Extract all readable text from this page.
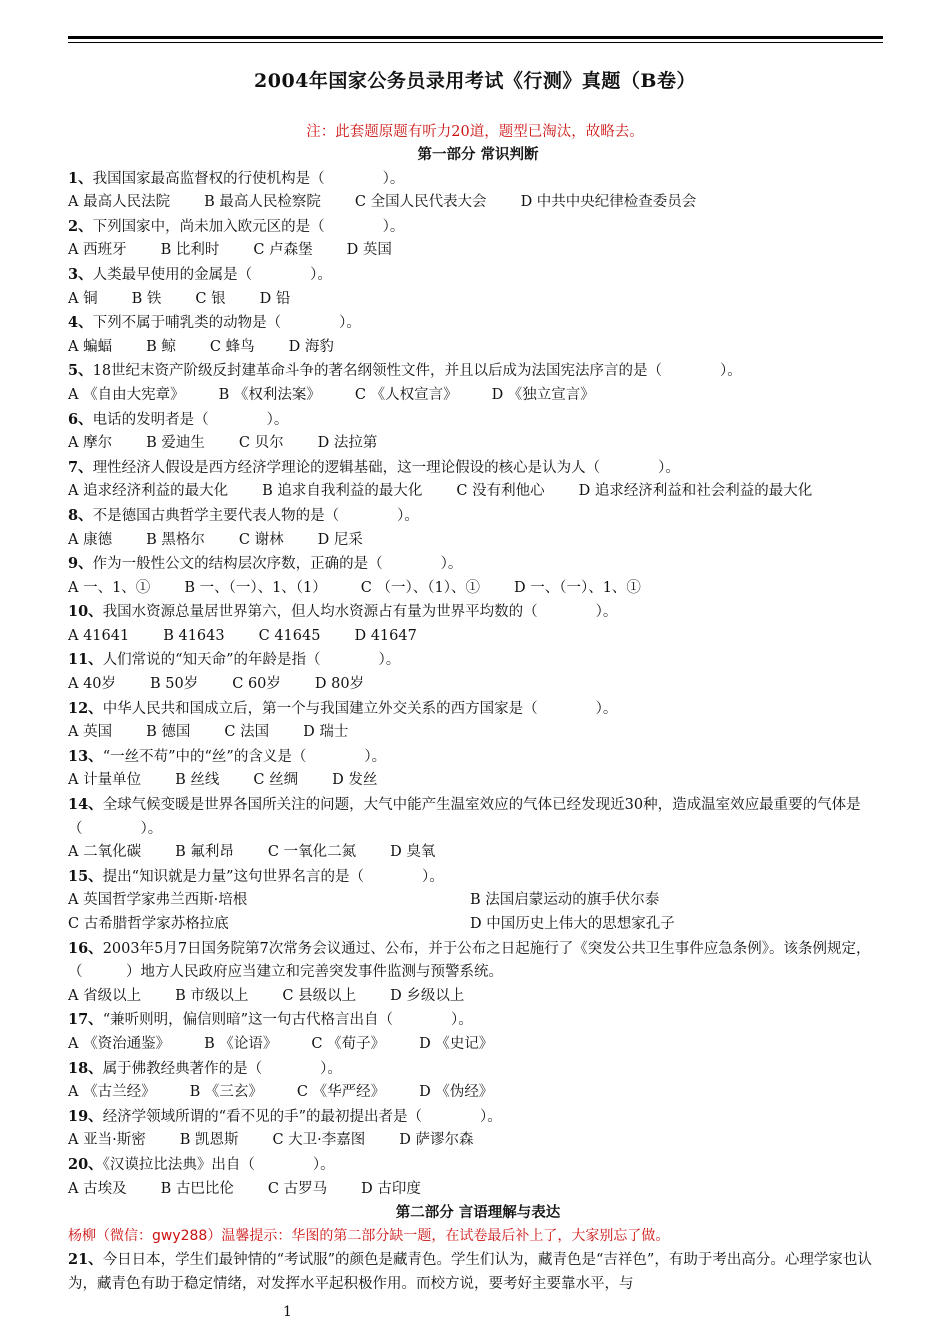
2004年国家公务员录用考试《行测》真题（B卷）
注：此套题原题有听力20道，题型已淘汰，故略去。
第一部分 常识判断
1、我国国家最高监督权的行使机构是（　　　　）。
A 最高人民法院 B 最高人民检察院 C 全国人民代表大会 D 中共中央纪律检查委员会
2、下列国家中，尚未加入欧元区的是（　　　　）。
A 西班牙 B 比利时 C 卢森堡 D 英国
3、人类最早使用的金属是（　　　　）。
A 铜 B 铁 C 银 D 铅
4、下列不属于哺乳类的动物是（　　　　）。
A 蝙蝠 B 鲸 C 蜂鸟 D 海豹
5、18世纪末资产阶级反封建革命斗争的著名纲领性文件，并且以后成为法国宪法序言的是（　　　　）。
A 《自由大宪章》 B 《权利法案》 C 《人权宣言》 D 《独立宣言》
6、电话的发明者是（　　　　）。
A 摩尔 B 爱迪生 C 贝尔 D 法拉第
7、理性经济人假设是西方经济学理论的逻辑基础，这一理论假设的核心是认为人（　　　　）。
A 追求经济利益的最大化 B 追求自我利益的最大化 C 没有利他心 D 追求经济利益和社会利益的最大化
8、不是德国古典哲学主要代表人物的是（　　　　）。
A 康德 B 黑格尔 C 谢林 D 尼采
9、作为一般性公文的结构层次序数，正确的是（　　　　）。
A 一、1、① B 一、（一）、1、（1） C （一）、（1）、① D 一、（一）、1、①
10、我国水资源总量居世界第六，但人均水资源占有量为世界平均数的（　　　　）。
A 41641 B 41643 C 41645 D 41647
11、人们常说的“知天命”的年龄是指（　　　　）。
A 40岁 B 50岁 C 60岁 D 80岁
12、中华人民共和国成立后，第一个与我国建立外交关系的西方国家是（　　　　）。
A 英国 B 德国 C 法国 D 瑞士
13、“一丝不苟”中的“丝”的含义是（　　　　）。
A 计量单位 B 丝线 C 丝绸 D 发丝
14、全球气候变暖是世界各国所关注的问题，大气中能产生温室效应的气体已经发现近30种，造成温室效应最重要的气体是（　　　　）。
A 二氧化碳 B 氟利昂 C 一氧化二氮 D 臭氧
15、提出“知识就是力量”这句世界名言的是（　　　　）。
A 英国哲学家弗兰西斯·培根	B 法国启蒙运动的旗手伏尔泰
C 古希腊哲学家苏格拉底	D 中国历史上伟大的思想家孔子
16、2003年5月7日国务院第7次常务会议通过、公布，并于公布之日起施行了《突发公共卫生事件应急条例》。该条例规定，（　　　）地方人民政府应当建立和完善突发事件监测与预警系统。
A 省级以上 B 市级以上 C 县级以上 D 乡级以上
17、“兼听则明，偏信则暗”这一句古代格言出自（　　　　）。
A 《资治通鉴》 B 《论语》 C 《荀子》 D 《史记》
18、属于佛教经典著作的是（　　　　）。
A 《古兰经》 B 《三玄》 C 《华严经》 D 《伪经》
19、经济学领域所谓的“看不见的手”的最初提出者是（　　　　）。
A 亚当·斯密 B 凯恩斯 C 大卫·李嘉图 D 萨谬尔森
20、《汉谟拉比法典》出自（　　　　）。
A 古埃及 B 古巴比伦 C 古罗马 D 古印度
第二部分 言语理解与表达
杨柳（微信：gwy288）温馨提示：华图的第二部分缺一题，在试卷最后补上了，大家别忘了做。
21、今日日本，学生们最钟情的“考试服”的颜色是藏青色。学生们认为，藏青色是“吉祥色”，有助于考出高分。心理学家也认为，藏青色有助于稳定情绪，对发挥水平起积极作用。而校方说，要考好主要靠水平，与
1
